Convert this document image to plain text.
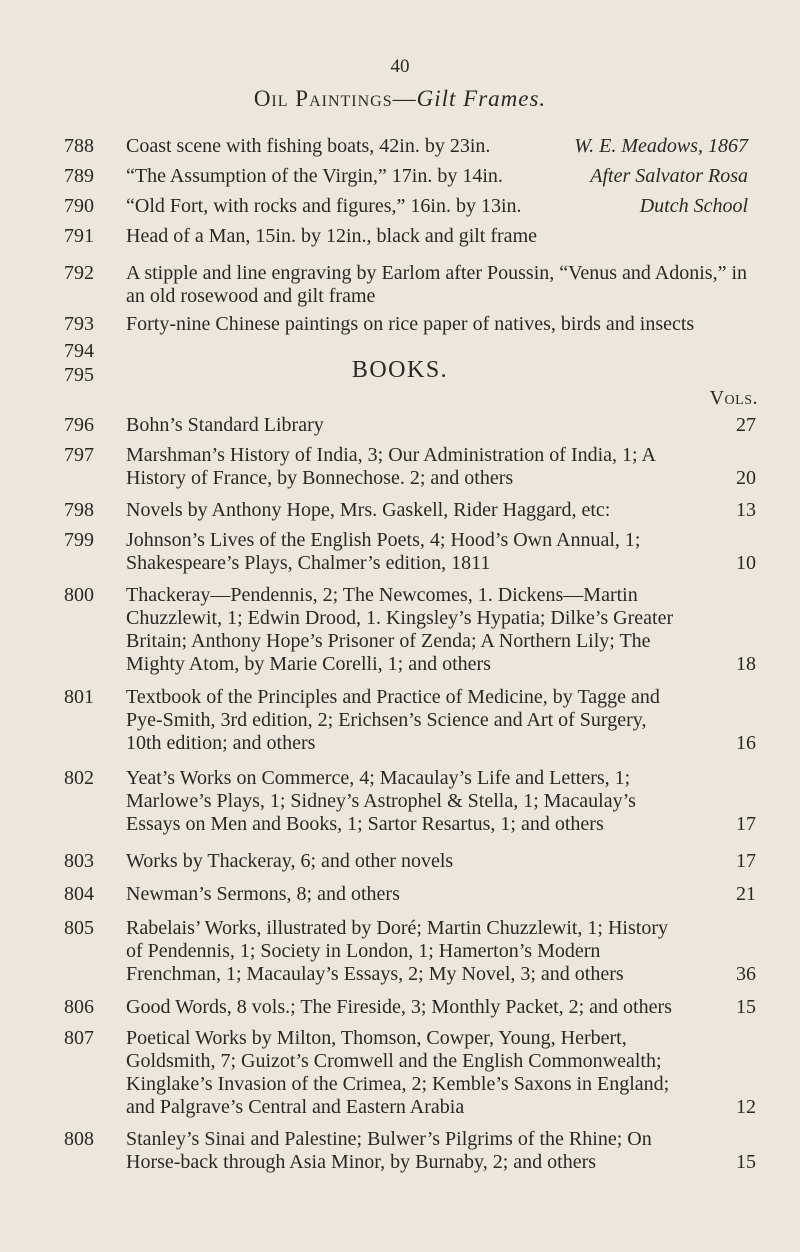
40
Oil Paintings—Gilt Frames.
788	Coast scene with fishing boats, 42in. by 23in.	W. E. Meadows, 1867
789	“The Assumption of the Virgin,” 17in. by 14in.	After Salvator Rosa
790	“Old Fort, with rocks and figures,” 16in. by 13in.	Dutch School
791	Head of a Man, 15in. by 12in., black and gilt frame
792	A stipple and line engraving by Earlom after Poussin, “Venus and Adonis,” in an old rosewood and gilt frame
793	Forty-nine Chinese paintings on rice paper of natives, birds and insects
794
795	BOOKS.
Vols.
796	Bohn’s Standard Library	27
797	Marshman’s History of India, 3; Our Administration of India, 1; A History of France, by Bonnechose. 2; and others	20
798	Novels by Anthony Hope, Mrs. Gaskell, Rider Haggard, etc:	13
799	Johnson’s Lives of the English Poets, 4; Hood’s Own Annual, 1; Shakespeare’s Plays, Chalmer’s edition, 1811	10
800	Thackeray—Pendennis, 2; The Newcomes, 1. Dickens—Martin Chuzzlewit, 1; Edwin Drood, 1. Kingsley’s Hypatia; Dilke’s Greater Britain; Anthony Hope’s Prisoner of Zenda; A Northern Lily; The Mighty Atom, by Marie Corelli, 1; and others	18
801	Textbook of the Principles and Practice of Medicine, by Tagge and Pye-Smith, 3rd edition, 2; Erichsen’s Science and Art of Surgery, 10th edition; and others	16
802	Yeat’s Works on Commerce, 4; Macaulay’s Life and Letters, 1; Marlowe’s Plays, 1; Sidney’s Astrophel & Stella, 1; Macaulay’s Essays on Men and Books, 1; Sartor Resartus, 1; and others	17
803	Works by Thackeray, 6; and other novels	17
804	Newman’s Sermons, 8; and others	21
805	Rabelais’ Works, illustrated by Doré; Martin Chuzzlewit, 1; History of Pendennis, 1; Society in London, 1; Hamerton’s Modern Frenchman, 1; Macaulay’s Essays, 2; My Novel, 3; and others	36
806	Good Words, 8 vols.; The Fireside, 3; Monthly Packet, 2; and others	15
807	Poetical Works by Milton, Thomson, Cowper, Young, Herbert, Goldsmith, 7; Guizot’s Cromwell and the English Commonwealth; Kinglake’s Invasion of the Crimea, 2; Kemble’s Saxons in England; and Palgrave’s Central and Eastern Arabia	12
808	Stanley’s Sinai and Palestine; Bulwer’s Pilgrims of the Rhine; On Horse-back through Asia Minor, by Burnaby, 2; and others	15
